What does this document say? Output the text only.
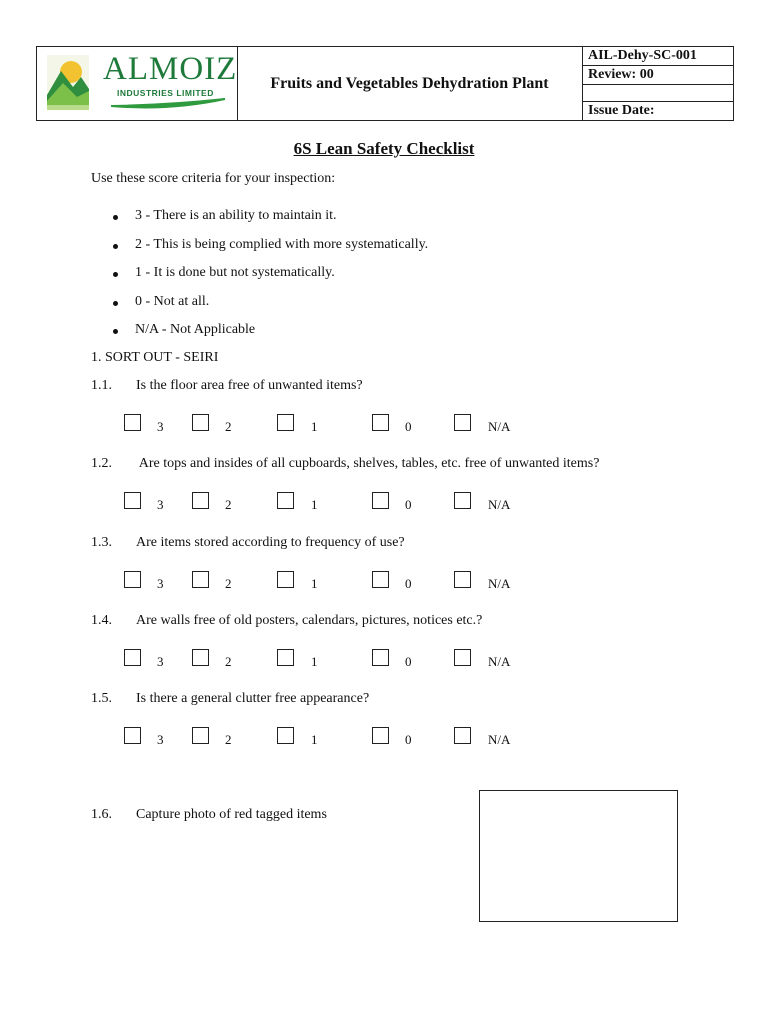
ALMOIZ
INDUSTRIES LIMITED
Fruits and Vegetables Dehydration Plant
AIL-Dehy-SC-001
Review: 00
Issue Date:
6S Lean Safety Checklist
Use these score criteria for your inspection:
3 - There is an ability to maintain it.
2 - This is being complied with more systematically.
1 - It is done but not systematically.
0 - Not at all.
N/A - Not Applicable
1. SORT OUT - SEIRI
1.1. Is the floor area free of unwanted items?
3	2	1	0	N/A
1.2. Are tops and insides of all cupboards, shelves, tables, etc. free of unwanted items?
3	2	1	0	N/A
1.3. Are items stored according to frequency of use?
3	2	1	0	N/A
1.4. Are walls free of old posters, calendars, pictures, notices etc.?
3	2	1	0	N/A
1.5. Is there a general clutter free appearance?
3	2	1	0	N/A
1.6. Capture photo of red tagged items
